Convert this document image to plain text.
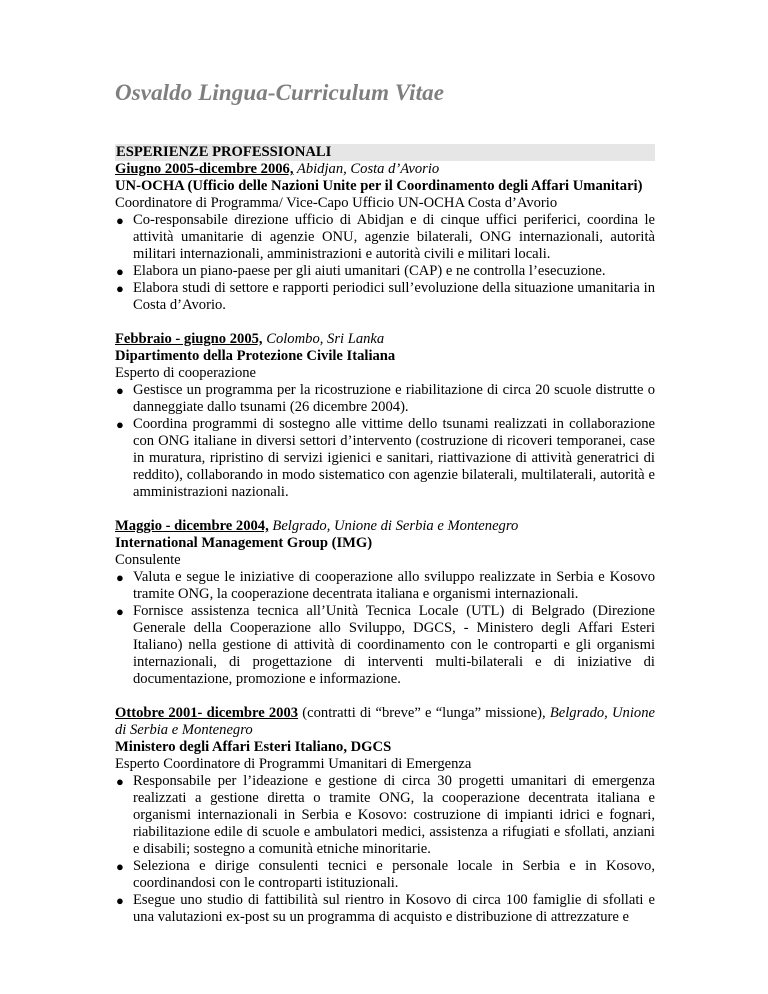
Osvaldo Lingua-Curriculum Vitae
ESPERIENZE PROFESSIONALI
Giugno 2005-dicembre 2006, Abidjan, Costa d’Avorio
UN-OCHA (Ufficio delle Nazioni Unite per il Coordinamento degli Affari Umanitari)
Coordinatore di Programma/ Vice-Capo Ufficio UN-OCHA Costa d’Avorio
● Co-responsabile direzione ufficio di Abidjan e di cinque uffici periferici, coordina le attività umanitarie di agenzie ONU, agenzie bilaterali, ONG internazionali, autorità militari internazionali, amministrazioni e autorità civili e militari locali.
● Elabora un piano-paese per gli aiuti umanitari (CAP) e ne controlla l’esecuzione.
● Elabora studi di settore e rapporti periodici sull’evoluzione della situazione umanitaria in Costa d’Avorio.
Febbraio - giugno 2005, Colombo, Sri Lanka
Dipartimento della Protezione Civile Italiana
Esperto di cooperazione
● Gestisce un programma per la ricostruzione e riabilitazione di circa 20 scuole distrutte o danneggiate dallo tsunami (26 dicembre 2004).
● Coordina programmi di sostegno alle vittime dello tsunami realizzati in collaborazione con ONG italiane in diversi settori d’intervento (costruzione di ricoveri temporanei, case in muratura, ripristino di servizi igienici e sanitari, riattivazione di attività generatrici di reddito), collaborando in modo sistematico con agenzie bilaterali, multilaterali, autorità e amministrazioni nazionali.
Maggio - dicembre 2004, Belgrado, Unione di Serbia e Montenegro
International Management Group (IMG)
Consulente
● Valuta e segue le iniziative di cooperazione allo sviluppo realizzate in Serbia e Kosovo tramite ONG, la cooperazione decentrata italiana e organismi internazionali.
● Fornisce assistenza tecnica all’Unità Tecnica Locale (UTL) di Belgrado (Direzione Generale della Cooperazione allo Sviluppo, DGCS, - Ministero degli Affari Esteri Italiano) nella gestione di attività di coordinamento con le controparti e gli organismi internazionali, di progettazione di interventi multi-bilaterali e di iniziative di documentazione, promozione e informazione.
Ottobre 2001- dicembre 2003 (contratti di “breve” e “lunga” missione), Belgrado, Unione di Serbia e Montenegro
Ministero degli Affari Esteri Italiano, DGCS
Esperto Coordinatore di Programmi Umanitari di Emergenza
● Responsabile per l’ideazione e gestione di circa 30 progetti umanitari di emergenza realizzati a gestione diretta o tramite ONG, la cooperazione decentrata italiana e organismi internazionali in Serbia e Kosovo: costruzione di impianti idrici e fognari, riabilitazione edile di scuole e ambulatori medici, assistenza a rifugiati e sfollati, anziani e disabili; sostegno a comunità etniche minoritarie.
● Seleziona e dirige consulenti tecnici e personale locale in Serbia e in Kosovo, coordinandosi con le controparti istituzionali.
● Esegue uno studio di fattibilità sul rientro in Kosovo di circa 100 famiglie di sfollati e una valutazioni ex-post su un programma di acquisto e distribuzione di attrezzature e
